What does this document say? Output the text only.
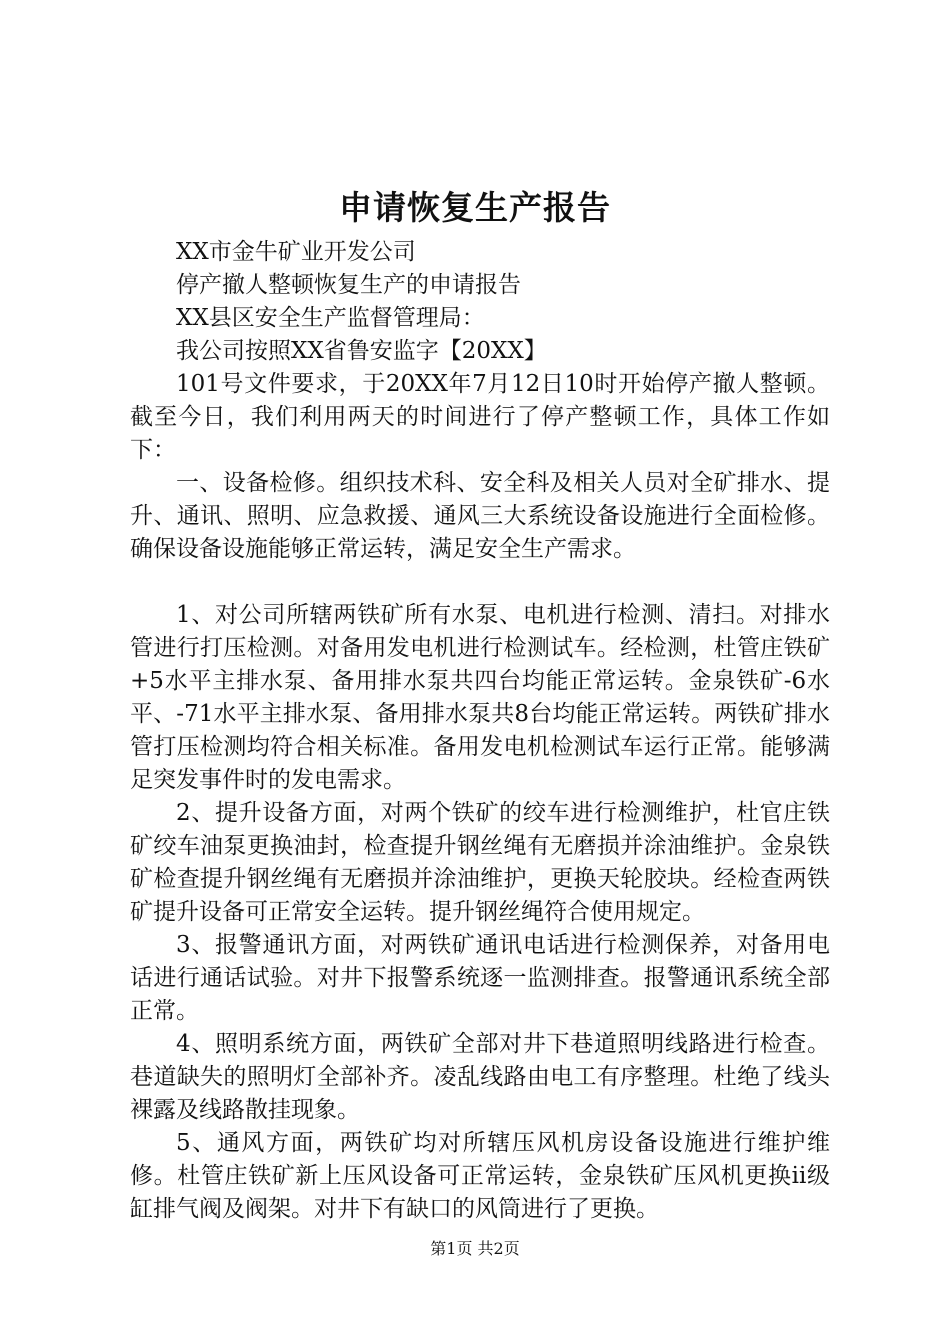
申请恢复生产报告

XX市金牛矿业开发公司

停产撤人整顿恢复生产的申请报告

XX县区安全生产监督管理局：

我公司按照XX省鲁安监字【20XX】

101号文件要求，于20XX年7月12日10时开始停产撤人整顿。截至今日，我们利用两天的时间进行了停产整顿工作，具体工作如下：

一、设备检修。组织技术科、安全科及相关人员对全矿排水、提升、通讯、照明、应急救援、通风三大系统设备设施进行全面检修。确保设备设施能够正常运转，满足安全生产需求。

1、对公司所辖两铁矿所有水泵、电机进行检测、清扫。对排水管进行打压检测。对备用发电机进行检测试车。经检测，杜管庄铁矿+5水平主排水泵、备用排水泵共四台均能正常运转。金泉铁矿-6水平、-71水平主排水泵、备用排水泵共8台均能正常运转。两铁矿排水管打压检测均符合相关标准。备用发电机检测试车运行正常。能够满足突发事件时的发电需求。

2、提升设备方面，对两个铁矿的绞车进行检测维护，杜官庄铁矿绞车油泵更换油封，检查提升钢丝绳有无磨损并涂油维护。金泉铁矿检查提升钢丝绳有无磨损并涂油维护，更换天轮胶块。经检查两铁矿提升设备可正常安全运转。提升钢丝绳符合使用规定。

3、报警通讯方面，对两铁矿通讯电话进行检测保养，对备用电话进行通话试验。对井下报警系统逐一监测排查。报警通讯系统全部正常。

4、照明系统方面，两铁矿全部对井下巷道照明线路进行检查。巷道缺失的照明灯全部补齐。凌乱线路由电工有序整理。杜绝了线头裸露及线路散挂现象。

5、通风方面，两铁矿均对所辖压风机房设备设施进行维护维修。杜管庄铁矿新上压风设备可正常运转，金泉铁矿压风机更换ii级缸排气阀及阀架。对井下有缺口的风筒进行了更换。

第1页 共2页
